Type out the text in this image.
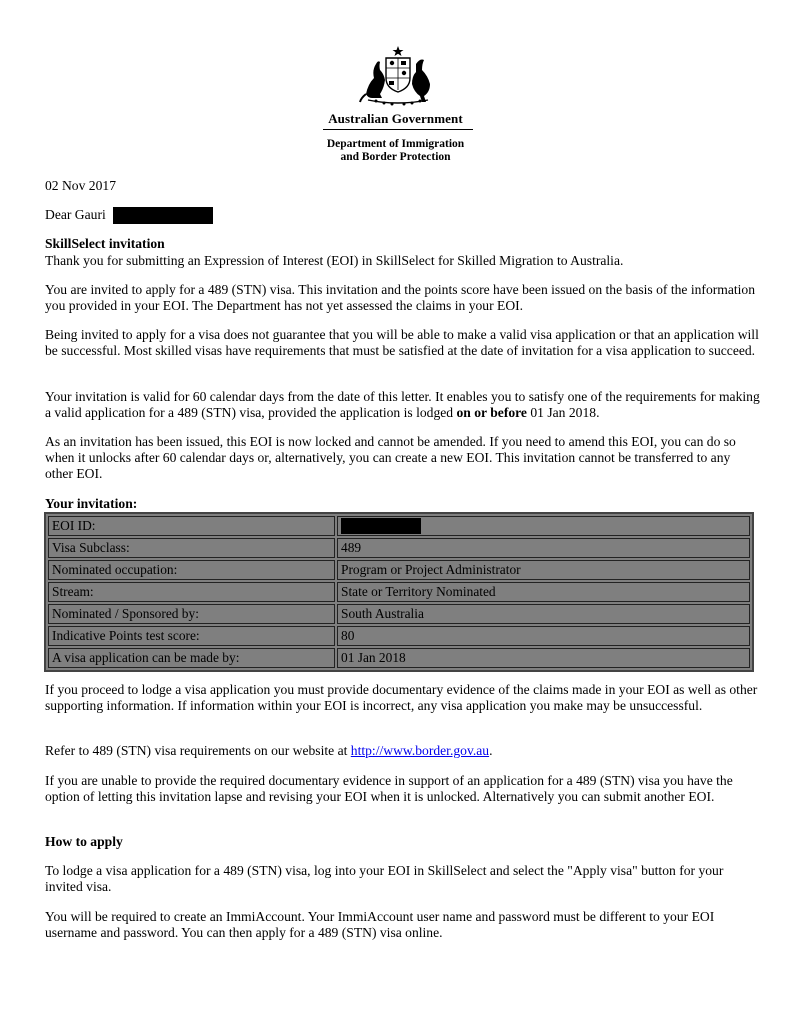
Australian Government
Department of Immigration
and Border Protection

02 Nov 2017

Dear Gauri

SkillSelect invitation

Thank you for submitting an Expression of Interest (EOI) in SkillSelect for Skilled Migration to Australia.

You are invited to apply for a 489 (STN) visa. This invitation and the points score have been issued on the basis of the information you provided in your EOI. The Department has not yet assessed the claims in your EOI.

Being invited to apply for a visa does not guarantee that you will be able to make a valid visa application or that an application will be successful. Most skilled visas have requirements that must be satisfied at the date of invitation for a visa application to succeed.

Your invitation is valid for 60 calendar days from the date of this letter. It enables you to satisfy one of the requirements for making a valid application for a 489 (STN) visa, provided the application is lodged on or before 01 Jan 2018.

As an invitation has been issued, this EOI is now locked and cannot be amended. If you need to amend this EOI, you can do so when it unlocks after 60 calendar days or, alternatively, you can create a new EOI. This invitation cannot be transferred to any other EOI.

Your invitation:

EOI ID:
Visa Subclass:	489
Nominated occupation:	Program or Project Administrator
Stream:	State or Territory Nominated
Nominated / Sponsored by:	South Australia
Indicative Points test score:	80
A visa application can be made by:	01 Jan 2018

If you proceed to lodge a visa application you must provide documentary evidence of the claims made in your EOI as well as other supporting information. If information within your EOI is incorrect, any visa application you make may be unsuccessful.

Refer to 489 (STN) visa requirements on our website at http://www.border.gov.au.

If you are unable to provide the required documentary evidence in support of an application for a 489 (STN) visa you have the option of letting this invitation lapse and revising your EOI when it is unlocked. Alternatively you can submit another EOI.

How to apply

To lodge a visa application for a 489 (STN) visa, log into your EOI in SkillSelect and select the "Apply visa" button for your invited visa.

You will be required to create an ImmiAccount. Your ImmiAccount user name and password must be different to your EOI username and password. You can then apply for a 489 (STN) visa online.
